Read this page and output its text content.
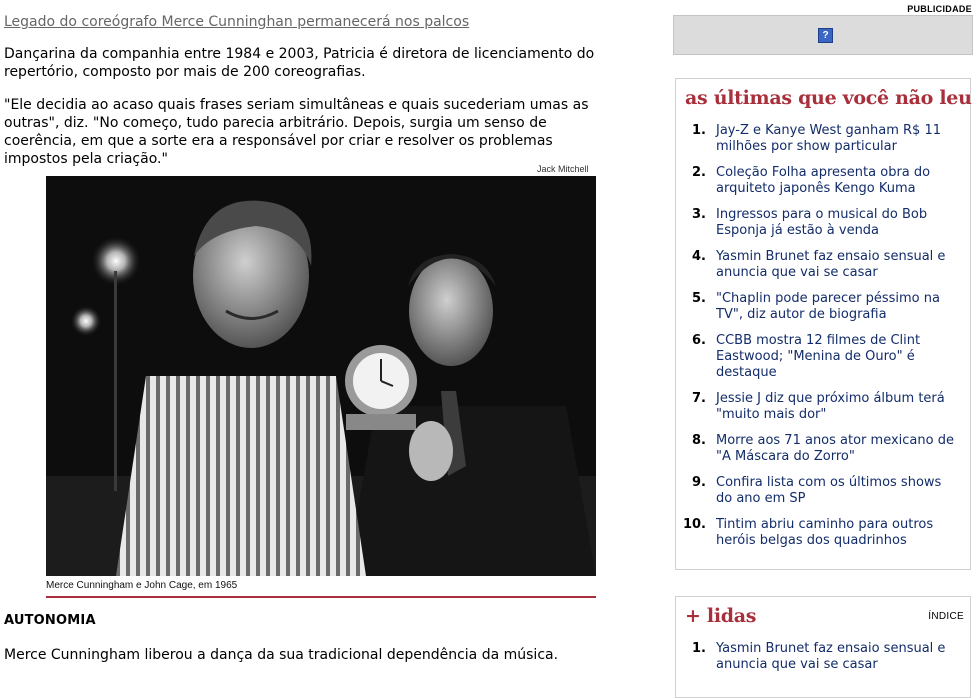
Legado do coreógrafo Merce Cunninghan permanecerá nos palcos

Dançarina da companhia entre 1984 e 2003, Patricia é diretora de licenciamento do repertório, composto por mais de 200 coreografias.

"Ele decidia ao acaso quais frases seriam simultâneas e quais sucederiam umas as outras", diz. "No começo, tudo parecia arbitrário. Depois, surgia um senso de coerência, em que a sorte era a responsável por criar e resolver os problemas impostos pela criação."

Jack Mitchell
Merce Cunningham e John Cage, em 1965
AUTONOMIA

Merce Cunningham liberou a dança da sua tradicional dependência da música.

PUBLICIDADE
?
as últimas que você não leu
1. Jay-Z e Kanye West ganham R$ 11 milhões por show particular
2. Coleção Folha apresenta obra do arquiteto japonês Kengo Kuma
3. Ingressos para o musical do Bob Esponja já estão à venda
4. Yasmin Brunet faz ensaio sensual e anuncia que vai se casar
5. "Chaplin pode parecer péssimo na TV", diz autor de biografia
6. CCBB mostra 12 filmes de Clint Eastwood; "Menina de Ouro" é destaque
7. Jessie J diz que próximo álbum terá "muito mais dor"
8. Morre aos 71 anos ator mexicano de "A Máscara do Zorro"
9. Confira lista com os últimos shows do ano em SP
10. Tintim abriu caminho para outros heróis belgas dos quadrinhos
+ lidas	ÍNDICE
1. Yasmin Brunet faz ensaio sensual e anuncia que vai se casar
